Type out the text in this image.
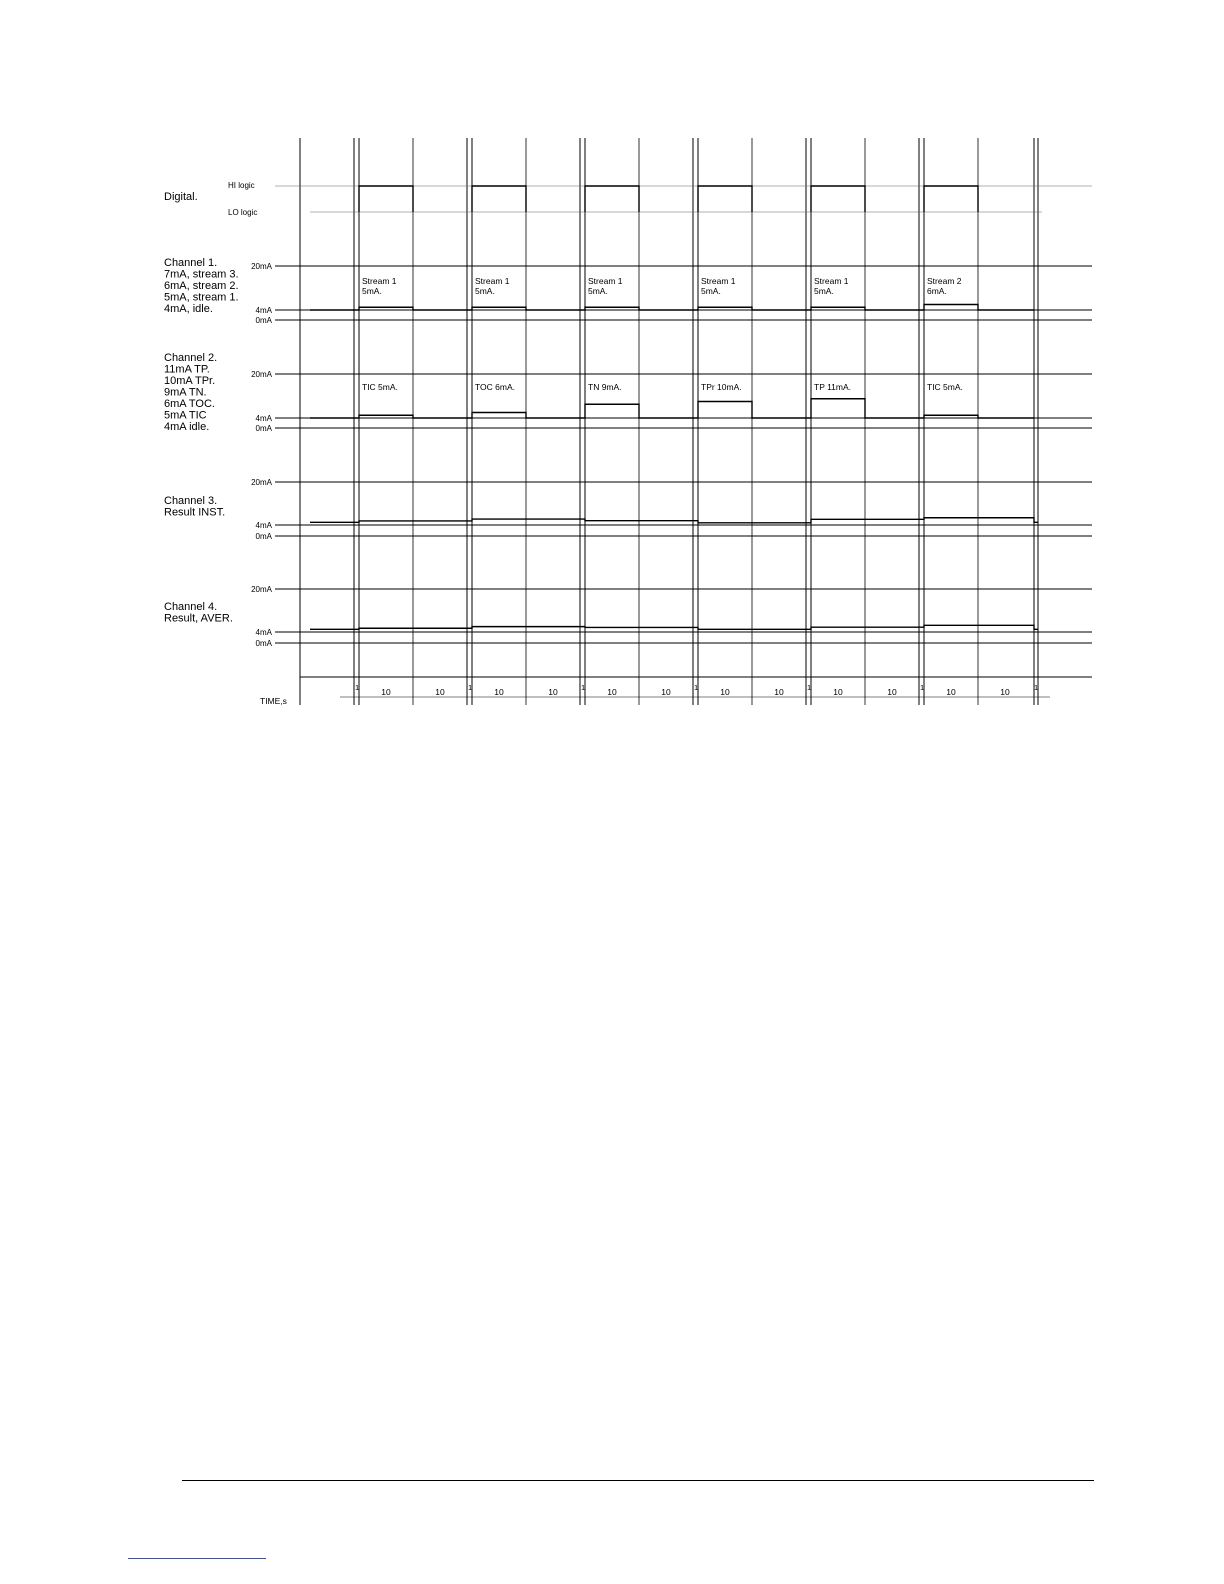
Digital.
HI logic
LO logic
20mA
4mA
0mA
Channel 1.
7mA, stream 3.
6mA, stream 2.
5mA, stream 1.
4mA, idle.
Stream 1
5mA.
Stream 1
5mA.
Stream 1
5mA.
Stream 1
5mA.
Stream 1
5mA.
Stream 2
6mA.
20mA
4mA
0mA
Channel 2.
11mA TP.
10mA TPr.
9mA TN.
6mA TOC.
5mA TIC
4mA idle.
TIC 5mA.	TOC 6mA.	TN 9mA.	TPr 10mA.	TP 11mA.	TIC 5mA.
20mA
4mA
0mA
Channel 3.
Result INST.
20mA
4mA
0mA
Channel 4.
Result, AVER.
TIME,s
1	10	10	1	10	10	1	10	10	1	10	10	1	10	10	1	10	10	1
